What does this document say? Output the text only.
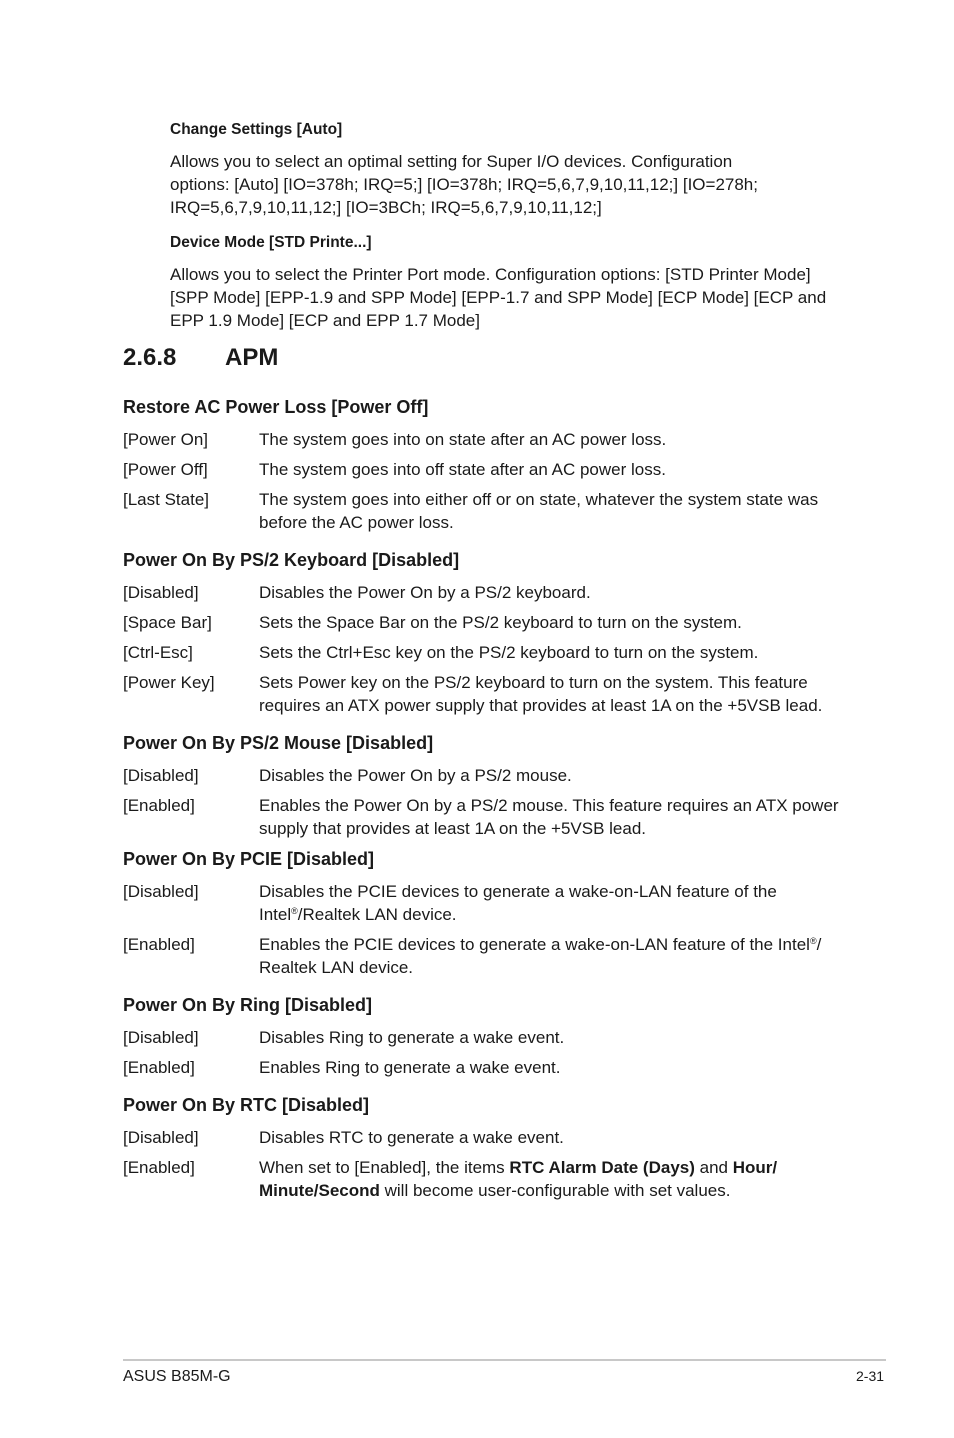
Change Settings [Auto]
Allows you to select an optimal setting for Super I/O devices. Configuration options: [Auto] [IO=378h; IRQ=5;] [IO=378h; IRQ=5,6,7,9,10,11,12;] [IO=278h; IRQ=5,6,7,9,10,11,12;] [IO=3BCh; IRQ=5,6,7,9,10,11,12;]
Device Mode [STD Printe...]
Allows you to select the Printer Port mode. Configuration options: [STD Printer Mode] [SPP Mode] [EPP-1.9 and SPP Mode] [EPP-1.7 and SPP Mode] [ECP Mode] [ECP and EPP 1.9 Mode] [ECP and EPP 1.7 Mode]
2.6.8 APM
Restore AC Power Loss [Power Off]
[Power On]	The system goes into on state after an AC power loss.
[Power Off]	The system goes into off state after an AC power loss.
[Last State]	The system goes into either off or on state, whatever the system state was before the AC power loss.
Power On By PS/2 Keyboard [Disabled]
[Disabled]	Disables the Power On by a PS/2 keyboard.
[Space Bar]	Sets the Space Bar on the PS/2 keyboard to turn on the system.
[Ctrl-Esc]	Sets the Ctrl+Esc key on the PS/2 keyboard to turn on the system.
[Power Key]	Sets Power key on the PS/2 keyboard to turn on the system. This feature requires an ATX power supply that provides at least 1A on the +5VSB lead.
Power On By PS/2 Mouse [Disabled]
[Disabled]	Disables the Power On by a PS/2 mouse.
[Enabled]	Enables the Power On by a PS/2 mouse. This feature requires an ATX power supply that provides at least 1A on the +5VSB lead.
Power On By PCIE [Disabled]
[Disabled]	Disables the PCIE devices to generate a wake-on-LAN feature of the Intel®/Realtek LAN device.
[Enabled]	Enables the PCIE devices to generate a wake-on-LAN feature of the Intel®/ Realtek LAN device.
Power On By Ring [Disabled]
[Disabled]	Disables Ring to generate a wake event.
[Enabled]	Enables Ring to generate a wake event.
Power On By RTC [Disabled]
[Disabled]	Disables RTC to generate a wake event.
[Enabled]	When set to [Enabled], the items RTC Alarm Date (Days) and Hour/ Minute/Second will become user-configurable with set values.
ASUS B85M-G	2-31
